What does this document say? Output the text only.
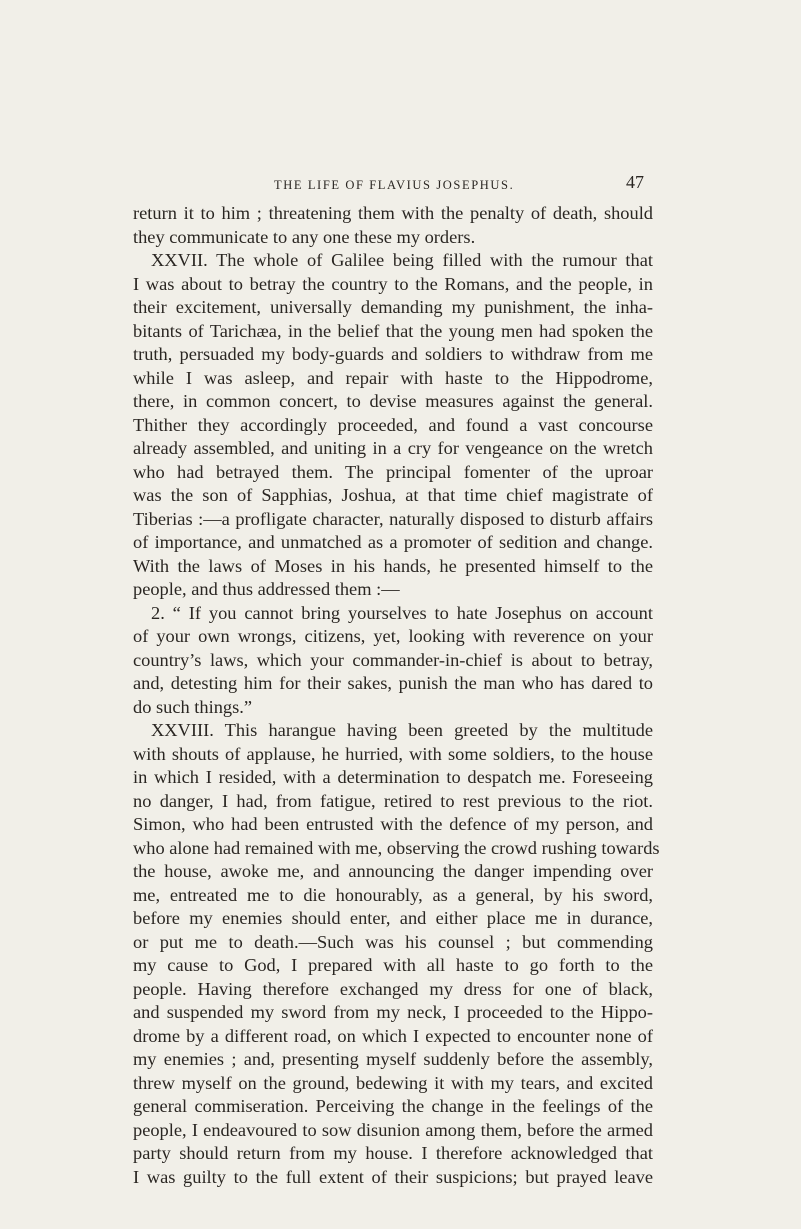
THE LIFE OF FLAVIUS JOSEPHUS.	47
return it to him ; threatening them with the penalty of death, should
they communicate to any one these my orders.
XXVII. The whole of Galilee being filled with the rumour that
I was about to betray the country to the Romans, and the people, in
their excitement, universally demanding my punishment, the inha-
bitants of Tarichæa, in the belief that the young men had spoken the
truth, persuaded my body-guards and soldiers to withdraw from me
while I was asleep, and repair with haste to the Hippodrome,
there, in common concert, to devise measures against the general.
Thither they accordingly proceeded, and found a vast concourse
already assembled, and uniting in a cry for vengeance on the wretch
who had betrayed them. The principal fomenter of the uproar
was the son of Sapphias, Joshua, at that time chief magistrate of
Tiberias :—a profligate character, naturally disposed to disturb affairs
of importance, and unmatched as a promoter of sedition and change.
With the laws of Moses in his hands, he presented himself to the
people, and thus addressed them :—
2. “ If you cannot bring yourselves to hate Josephus on account
of your own wrongs, citizens, yet, looking with reverence on your
country’s laws, which your commander-in-chief is about to betray,
and, detesting him for their sakes, punish the man who has dared to
do such things.”
XXVIII. This harangue having been greeted by the multitude
with shouts of applause, he hurried, with some soldiers, to the house
in which I resided, with a determination to despatch me. Foreseeing
no danger, I had, from fatigue, retired to rest previous to the riot.
Simon, who had been entrusted with the defence of my person, and
who alone had remained with me, observing the crowd rushing towards
the house, awoke me, and announcing the danger impending over
me, entreated me to die honourably, as a general, by his sword,
before my enemies should enter, and either place me in durance,
or put me to death.—Such was his counsel ; but commending
my cause to God, I prepared with all haste to go forth to the
people. Having therefore exchanged my dress for one of black,
and suspended my sword from my neck, I proceeded to the Hippo-
drome by a different road, on which I expected to encounter none of
my enemies ; and, presenting myself suddenly before the assembly,
threw myself on the ground, bedewing it with my tears, and excited
general commiseration. Perceiving the change in the feelings of the
people, I endeavoured to sow disunion among them, before the armed
party should return from my house. I therefore acknowledged that
I was guilty to the full extent of their suspicions; but prayed leave
